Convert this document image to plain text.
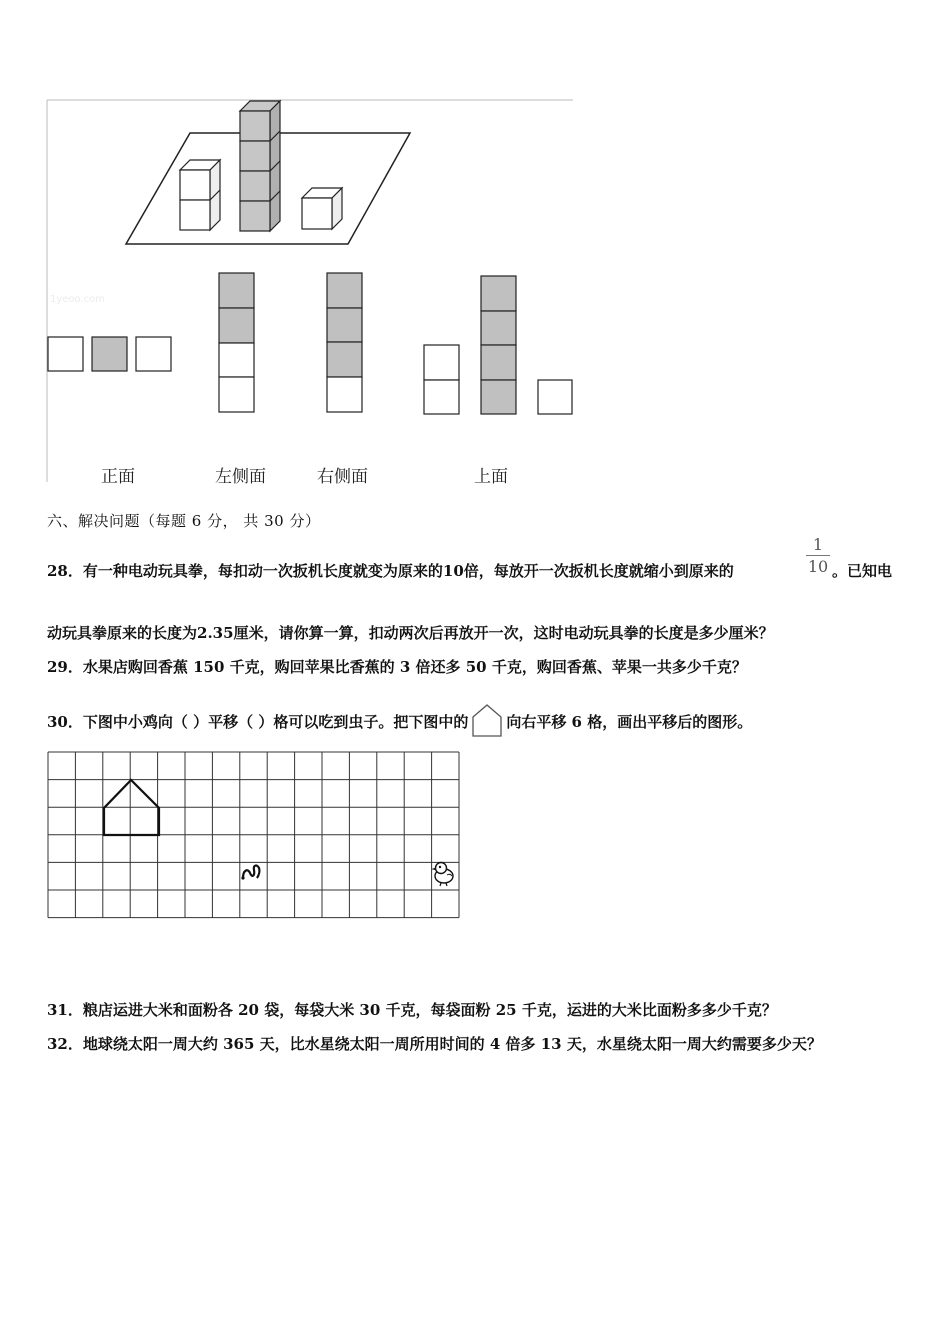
1yeoo.com
正面	左侧面	右侧面	上面
六、解决问题（每题 6 分， 共 30 分）
28．有一种电动玩具拳，每扣动一次扳机长度就变为原来的10倍，每放开一次扳机长度就缩小到原来的
1
10 。已知电
动玩具拳原来的长度为2.35厘米，请你算一算，扣动两次后再放开一次，这时电动玩具拳的长度是多少厘米？
29．水果店购回香蕉 150 千克，购回苹果比香蕉的 3 倍还多 50 千克，购回香蕉、苹果一共多少千克？
30．下图中小鸡向（ ）平移（ ）格可以吃到虫子。把下图中的	向右平移 6 格，画出平移后的图形。
31．粮店运进大米和面粉各 20 袋，每袋大米 30 千克，每袋面粉 25 千克，运进的大米比面粉多多少千克？
32．地球绕太阳一周大约 365 天，比水星绕太阳一周所用时间的 4 倍多 13 天，水星绕太阳一周大约需要多少天？
